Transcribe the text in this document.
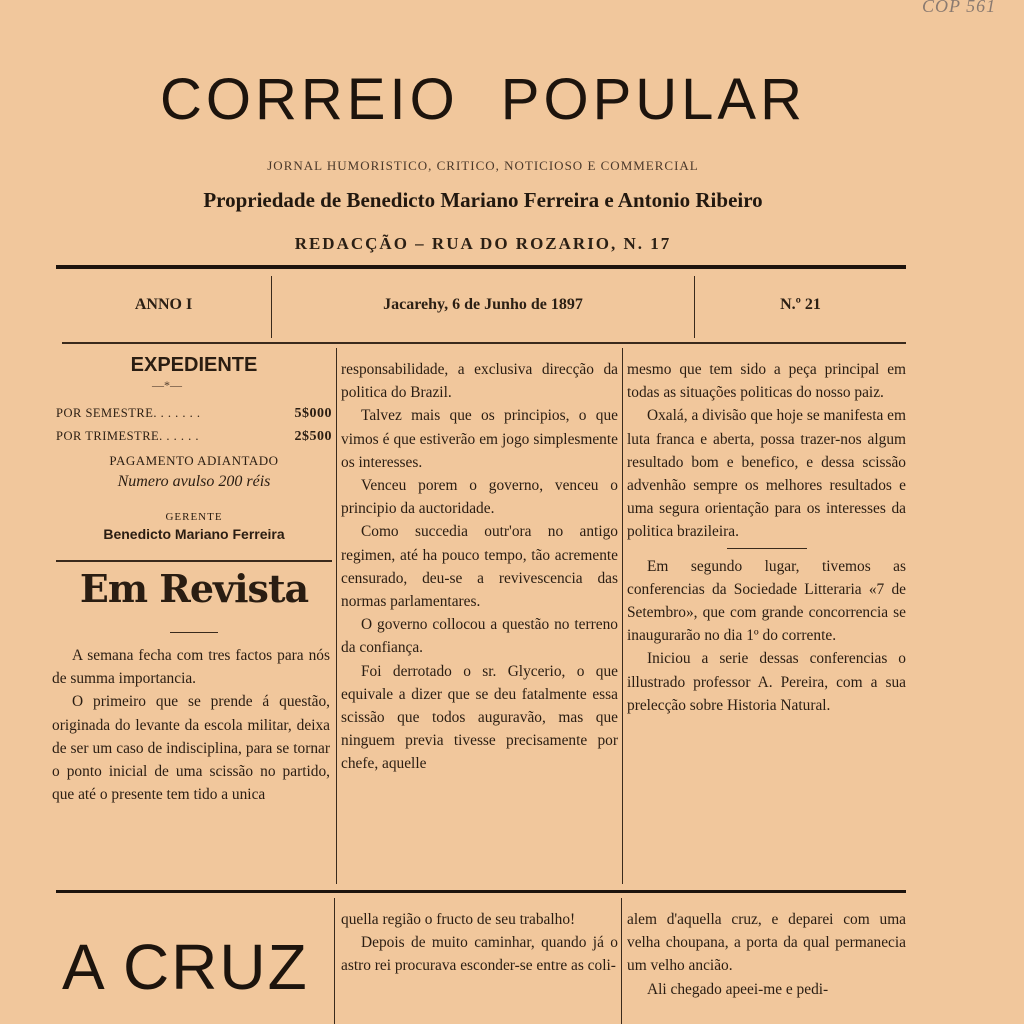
COP 561
CORREIO POPULAR
JORNAL HUMORISTICO, CRITICO, NOTICIOSO E COMMERCIAL
Propriedade de Benedicto Mariano Ferreira e Antonio Ribeiro
REDACÇÃO – RUA DO ROZARIO, N. 17
ANNO I	Jacarehy, 6 de Junho de 1897	N.º 21
EXPEDIENTE
—*—
POR SEMESTRE. . . . . . .	5$000
POR TRIMESTRE. . . . . .	2$500
PAGAMENTO ADIANTADO
Numero avulso 200 réis
GERENTE
Benedicto Mariano Ferreira
Em Revista

A semana fecha com tres factos para nós de summa importancia.

O primeiro que se prende á questão, originada do levante da escola militar, deixa de ser um caso de indisciplina, para se tornar o ponto inicial de uma scissão no partido, que até o presente tem tido a unica

responsabilidade, a exclusiva direcção da politica do Brazil.

Talvez mais que os principios, o que vimos é que estiverão em jogo simplesmente os interesses.

Venceu porem o governo, venceu o principio da auctoridade.

Como succedia outr'ora no antigo regimen, até ha pouco tempo, tão acremente censurado, deu-se a revivescencia das normas parlamentares.

O governo collocou a questão no terreno da confiança.

Foi derrotado o sr. Glycerio, o que equivale a dizer que se deu fatalmente essa scissão que todos auguravão, mas que ninguem previa tivesse precisamente por chefe, aquelle

mesmo que tem sido a peça principal em todas as situações politicas do nosso paiz.

Oxalá, a divisão que hoje se manifesta em luta franca e aberta, possa trazer-nos algum resultado bom e benefico, e dessa scissão advenhão sempre os melhores resultados e uma segura orientação para os interesses da politica brazileira.

Em segundo lugar, tivemos as conferencias da Sociedade Litteraria «7 de Setembro», que com grande concorrencia se inaugurarão no dia 1º do corrente.

Iniciou a serie dessas conferencias o illustrado professor A. Pereira, com a sua prelecção sobre Historia Natural.

A CRUZ

quella região o fructo de seu trabalho!

Depois de muito caminhar, quando já o astro rei procurava esconder-se entre as coli-

alem d'aquella cruz, e deparei com uma velha choupana, a porta da qual permanecia um velho ancião.

Ali chegado apeei-me e pedi-
